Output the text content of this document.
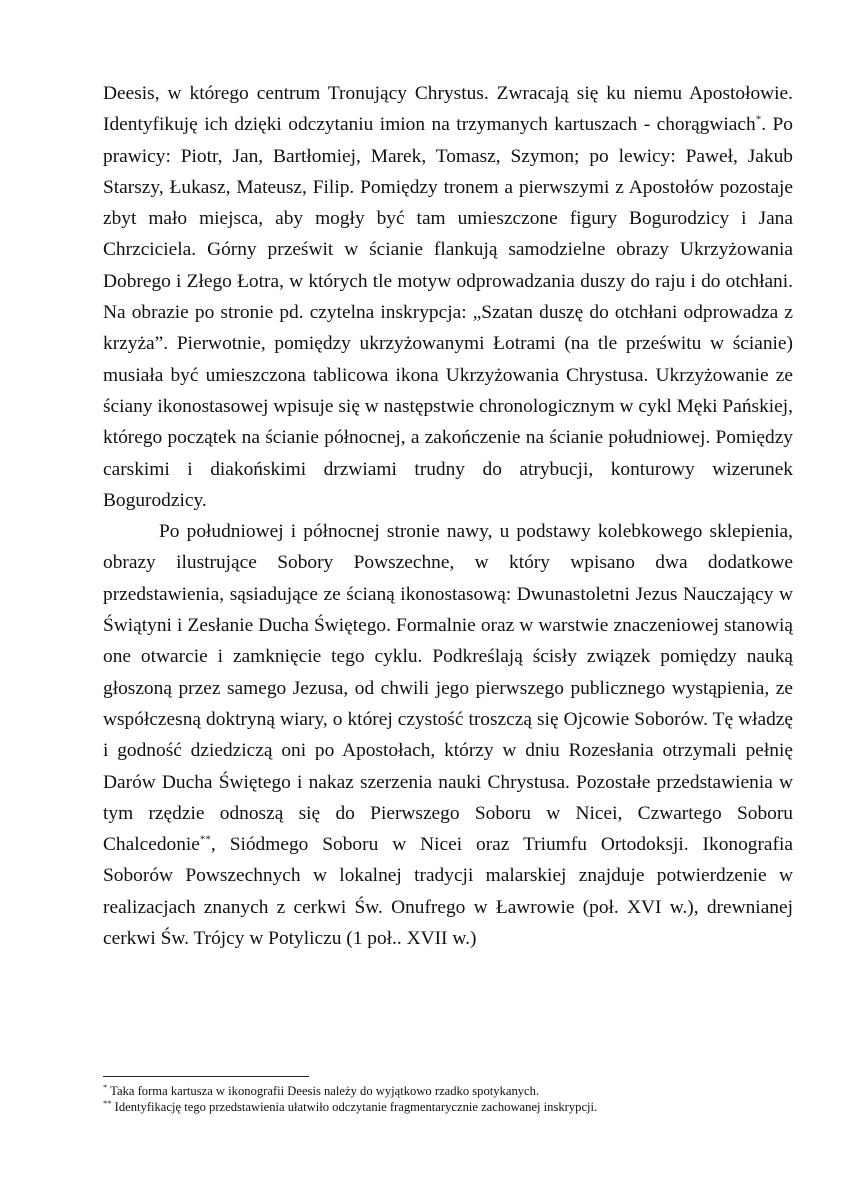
Deesis, w którego centrum Tronujący Chrystus. Zwracają się ku niemu Apostołowie. Identyfikuję ich dzięki odczytaniu imion na trzymanych kartuszach - chorągwiach*. Po prawicy: Piotr, Jan, Bartłomiej, Marek, Tomasz, Szymon; po lewicy: Paweł, Jakub Starszy, Łukasz, Mateusz, Filip. Pomiędzy tronem a pierwszymi z Apostołów pozostaje zbyt mało miejsca, aby mogły być tam umieszczone figury Bogurodzicy i Jana Chrzciciela. Górny prześwit w ścianie flankują samodzielne obrazy Ukrzyżowania Dobrego i Złego Łotra, w których tle motyw odprowadzania duszy do raju i do otchłani. Na obrazie po stronie pd. czytelna inskrypcja: „Szatan duszę do otchłani odprowadza z krzyża”. Pierwotnie, pomiędzy ukrzyżowanymi Łotrami (na tle prześwitu w ścianie) musiała być umieszczona tablicowa ikona Ukrzyżowania Chrystusa. Ukrzyżowanie ze ściany ikonostasowej wpisuje się w następstwie chronologicznym w cykl Męki Pańskiej, którego początek na ścianie północnej, a zakończenie na ścianie południowej. Pomiędzy carskimi i diakońskimi drzwiami trudny do atrybucji, konturowy wizerunek Bogurodzicy.

Po południowej i północnej stronie nawy, u podstawy kolebkowego sklepienia, obrazy ilustrujące Sobory Powszechne, w który wpisano dwa dodatkowe przedstawienia, sąsiadujące ze ścianą ikonostasową: Dwunastoletni Jezus Nauczający w Świątyni i Zesłanie Ducha Świętego. Formalnie oraz w warstwie znaczeniowej stanowią one otwarcie i zamknięcie tego cyklu. Podkreślają ścisły związek pomiędzy nauką głoszoną przez samego Jezusa, od chwili jego pierwszego publicznego wystąpienia, ze współczesną doktryną wiary, o której czystość troszczą się Ojcowie Soborów. Tę władzę i godność dziedziczą oni po Apostołach, którzy w dniu Rozesłania otrzymali pełnię Darów Ducha Świętego i nakaz szerzenia nauki Chrystusa. Pozostałe przedstawienia w tym rzędzie odnoszą się do Pierwszego Soboru w Nicei, Czwartego Soboru Chalcedonie**, Siódmego Soboru w Nicei oraz Triumfu Ortodoksji. Ikonografia Soborów Powszechnych w lokalnej tradycji malarskiej znajduje potwierdzenie w realizacjach znanych z cerkwi Św. Onufrego w Ławrowie (poł. XVI w.), drewnianej cerkwi Św. Trójcy w Potyliczu (1 poł.. XVII w.)

* Taka forma kartusza w ikonografii Deesis należy do wyjątkowo rzadko spotykanych.

** Identyfikację tego przedstawienia ułatwiło odczytanie fragmentarycznie zachowanej inskrypcji.
